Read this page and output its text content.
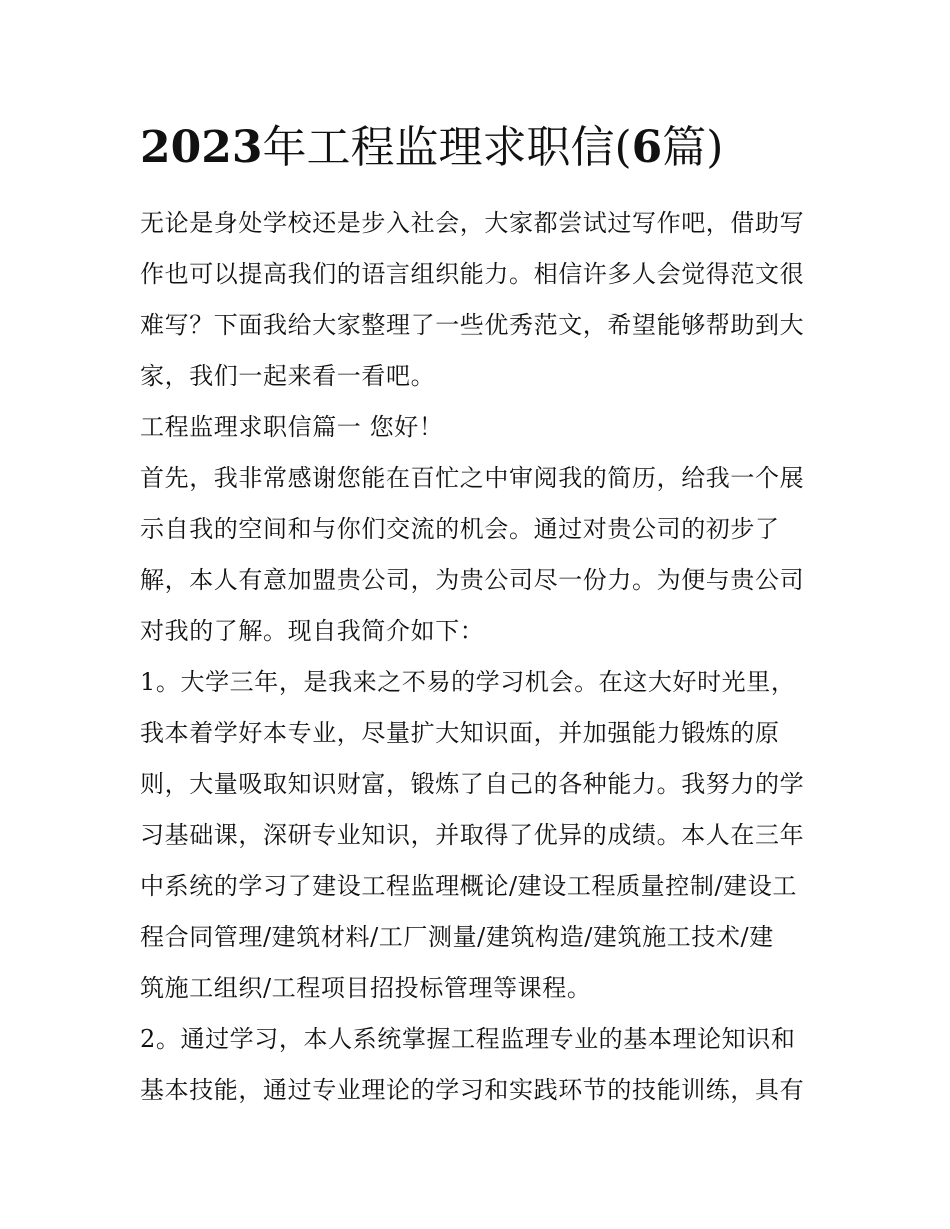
2023年工程监理求职信(6篇)

无论是身处学校还是步入社会，大家都尝试过写作吧，借助写
作也可以提高我们的语言组织能力。相信许多人会觉得范文很
难写？下面我给大家整理了一些优秀范文，希望能够帮助到大
家，我们一起来看一看吧。

工程监理求职信篇一 您好！

首先，我非常感谢您能在百忙之中审阅我的简历，给我一个展
示自我的空间和与你们交流的机会。通过对贵公司的初步了
解，本人有意加盟贵公司，为贵公司尽一份力。为便与贵公司
对我的了解。现自我简介如下：

1。大学三年，是我来之不易的学习机会。在这大好时光里，
我本着学好本专业，尽量扩大知识面，并加强能力锻炼的原
则，大量吸取知识财富，锻炼了自己的各种能力。我努力的学
习基础课，深研专业知识，并取得了优异的成绩。本人在三年
中系统的学习了建设工程监理概论/建设工程质量控制/建设工
程合同管理/建筑材料/工厂测量/建筑构造/建筑施工技术/建
筑施工组织/工程项目招投标管理等课程。

2。通过学习，本人系统掌握工程监理专业的基本理论知识和
基本技能，通过专业理论的学习和实践环节的技能训练，具有
